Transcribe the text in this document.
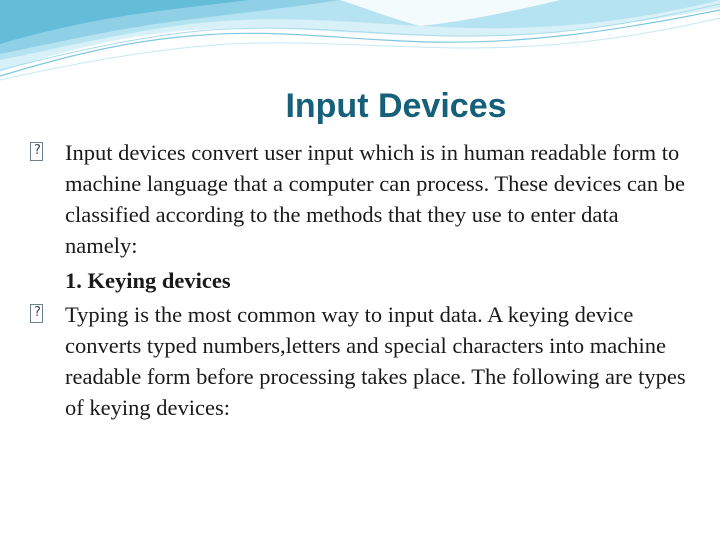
Input Devices
? Input devices convert user input which is in human readable form to machine language that a computer can process. These devices can be classified according to the methods that they use to enter data namely:
1. Keying devices
? Typing is the most common way to input data. A keying device converts typed numbers,letters and special characters into machine readable form before processing takes place. The following are types of keying devices:
